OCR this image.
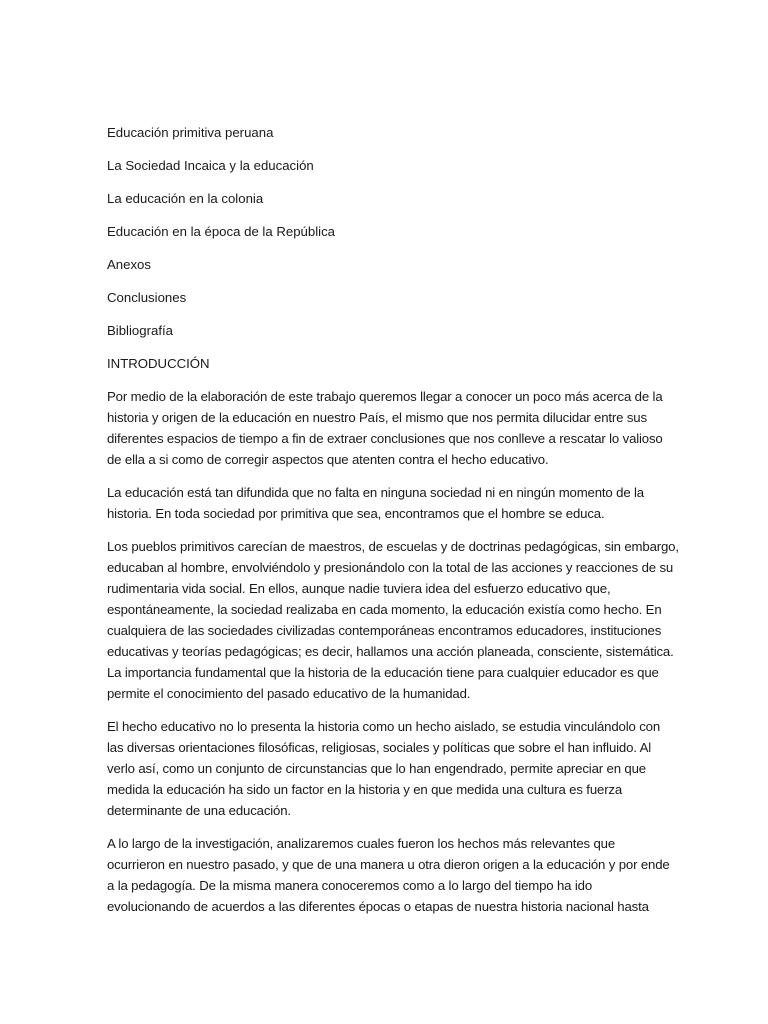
Educación primitiva peruana

La Sociedad Incaica y la educación

La educación en la colonia

Educación en la época de la República

Anexos

Conclusiones

Bibliografía

INTRODUCCIÓN

Por medio de la elaboración de este trabajo queremos llegar a conocer un poco más acerca de la
historia y origen de la educación en nuestro País, el mismo que nos permita dilucidar entre sus
diferentes espacios de tiempo a fin de extraer conclusiones que nos conlleve a rescatar lo valioso
de ella a si como de corregir aspectos que atenten contra el hecho educativo.
La educación está tan difundida que no falta en ninguna sociedad ni en ningún momento de la
historia. En toda sociedad por primitiva que sea, encontramos que el hombre se educa.
Los pueblos primitivos carecían de maestros, de escuelas y de doctrinas pedagógicas, sin embargo,
educaban al hombre, envolviéndolo y presionándolo con la total de las acciones y reacciones de su
rudimentaria vida social. En ellos, aunque nadie tuviera idea del esfuerzo educativo que,
espontáneamente, la sociedad realizaba en cada momento, la educación existía como hecho. En
cualquiera de las sociedades civilizadas contemporáneas encontramos educadores, instituciones
educativas y teorías pedagógicas; es decir, hallamos una acción planeada, consciente, sistemática.
La importancia fundamental que la historia de la educación tiene para cualquier educador es que
permite el conocimiento del pasado educativo de la humanidad.
El hecho educativo no lo presenta la historia como un hecho aislado, se estudia vinculándolo con
las diversas orientaciones filosóficas, religiosas, sociales y políticas que sobre el han influido. Al
verlo así, como un conjunto de circunstancias que lo han engendrado, permite apreciar en que
medida la educación ha sido un factor en la historia y en que medida una cultura es fuerza
determinante de una educación.
A lo largo de la investigación, analizaremos cuales fueron los hechos más relevantes que
ocurrieron en nuestro pasado, y que de una manera u otra dieron origen a la educación y por ende
a la pedagogía. De la misma manera conoceremos como a lo largo del tiempo ha ido
evolucionando de acuerdos a las diferentes épocas o etapas de nuestra historia nacional hasta
